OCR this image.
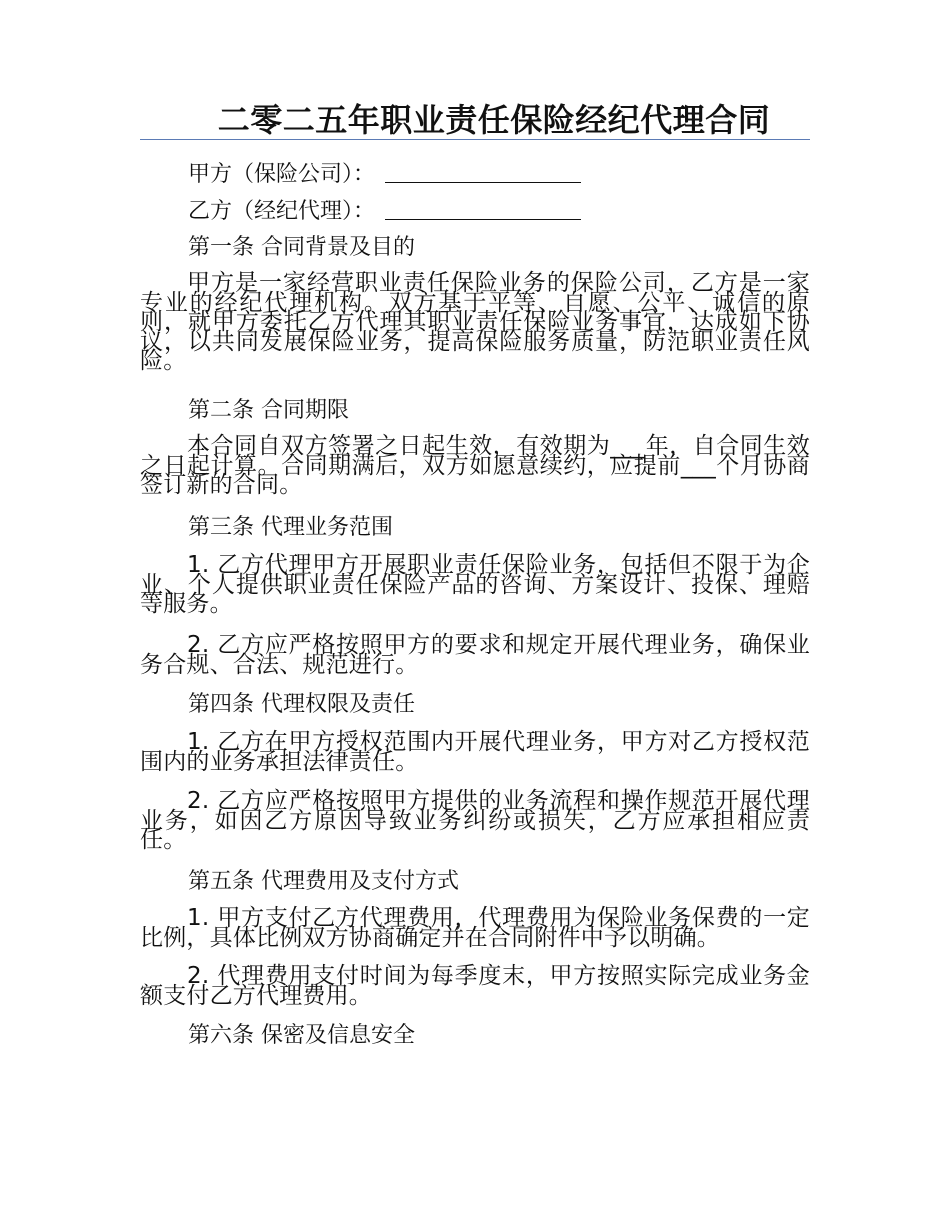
二零二五年职业责任保险经纪代理合同
甲方（保险公司）：
乙方（经纪代理）：
第一条 合同背景及目的

甲方是一家经营职业责任保险业务的保险公司，乙方是一家专业的经纪代理机构。双方基于平等、自愿、公平、诚信的原则，就甲方委托乙方代理其职业责任保险业务事宜，达成如下协议，以共同发展保险业务，提高保险服务质量，防范职业责任风险。

第二条 合同期限

本合同自双方签署之日起生效，有效期为___年，自合同生效之日起计算。合同期满后，双方如愿意续约，应提前___个月协商签订新的合同。

第三条 代理业务范围

1. 乙方代理甲方开展职业责任保险业务，包括但不限于为企业、个人提供职业责任保险产品的咨询、方案设计、投保、理赔等服务。

2. 乙方应严格按照甲方的要求和规定开展代理业务，确保业务合规、合法、规范进行。

第四条 代理权限及责任

1. 乙方在甲方授权范围内开展代理业务，甲方对乙方授权范围内的业务承担法律责任。

2. 乙方应严格按照甲方提供的业务流程和操作规范开展代理业务，如因乙方原因导致业务纠纷或损失，乙方应承担相应责任。

第五条 代理费用及支付方式

1. 甲方支付乙方代理费用，代理费用为保险业务保费的一定比例，具体比例双方协商确定并在合同附件中予以明确。

2. 代理费用支付时间为每季度末，甲方按照实际完成业务金额支付乙方代理费用。

第六条 保密及信息安全
